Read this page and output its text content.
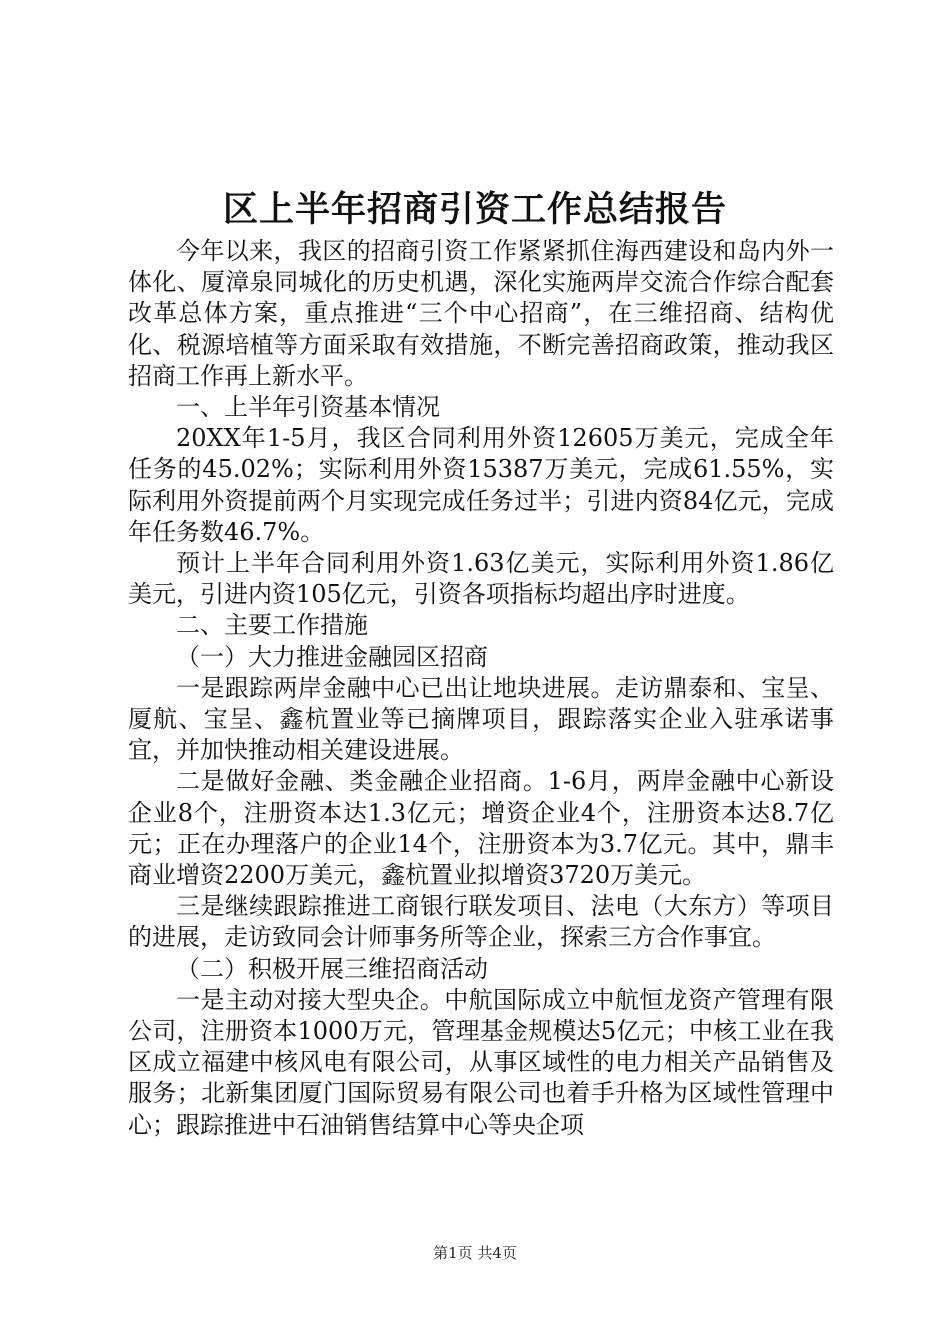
区上半年招商引资工作总结报告

今年以来，我区的招商引资工作紧紧抓住海西建设和岛内外一体化、厦漳泉同城化的历史机遇，深化实施两岸交流合作综合配套改革总体方案，重点推进“三个中心招商”，在三维招商、结构优化、税源培植等方面采取有效措施，不断完善招商政策，推动我区招商工作再上新水平。

一、上半年引资基本情况

20XX年1-5月，我区合同利用外资12605万美元，完成全年任务的45.02%；实际利用外资15387万美元，完成61.55%，实际利用外资提前两个月实现完成任务过半；引进内资84亿元，完成年任务数46.7%。

预计上半年合同利用外资1.63亿美元，实际利用外资1.86亿美元，引进内资105亿元，引资各项指标均超出序时进度。

二、主要工作措施

（一）大力推进金融园区招商

一是跟踪两岸金融中心已出让地块进展。走访鼎泰和、宝呈、厦航、宝呈、鑫杭置业等已摘牌项目，跟踪落实企业入驻承诺事宜，并加快推动相关建设进展。

二是做好金融、类金融企业招商。1-6月，两岸金融中心新设企业8个，注册资本达1.3亿元；增资企业4个，注册资本达8.7亿元；正在办理落户的企业14个，注册资本为3.7亿元。其中，鼎丰商业增资2200万美元，鑫杭置业拟增资3720万美元。

三是继续跟踪推进工商银行联发项目、法电（大东方）等项目的进展，走访致同会计师事务所等企业，探索三方合作事宜。

（二）积极开展三维招商活动

一是主动对接大型央企。中航国际成立中航恒龙资产管理有限公司，注册资本1000万元，管理基金规模达5亿元；中核工业在我区成立福建中核风电有限公司，从事区域性的电力相关产品销售及服务；北新集团厦门国际贸易有限公司也着手升格为区域性管理中心；跟踪推进中石油销售结算中心等央企项

第1页 共4页
